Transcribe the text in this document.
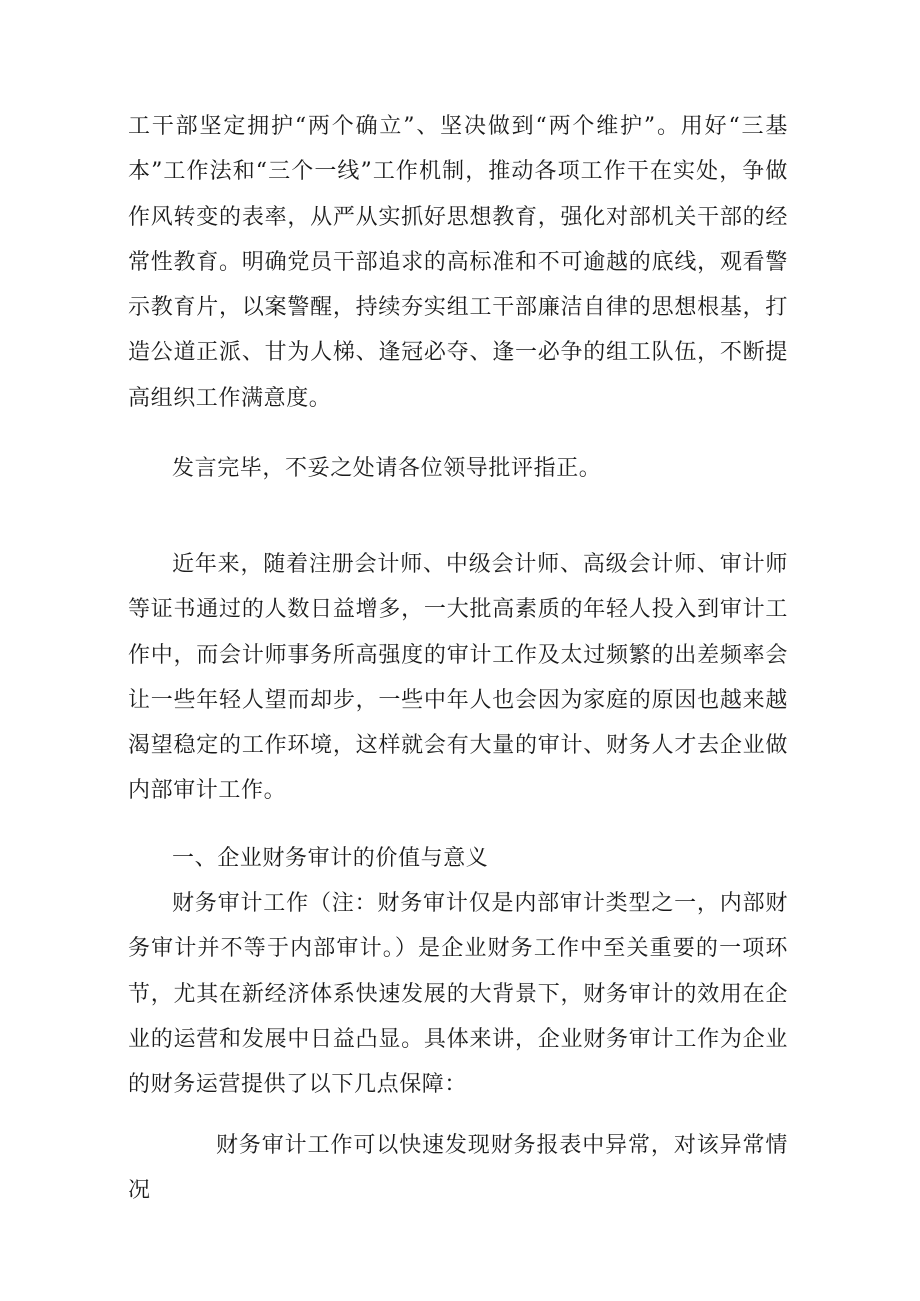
工干部坚定拥护“两个确立”、坚决做到“两个维护”。用好“三基本”工作法和“三个一线”工作机制，推动各项工作干在实处，争做作风转变的表率，从严从实抓好思想教育，强化对部机关干部的经常性教育。明确党员干部追求的高标准和不可逾越的底线，观看警示教育片，以案警醒，持续夯实组工干部廉洁自律的思想根基，打造公道正派、甘为人梯、逢冠必夺、逢一必争的组工队伍，不断提高组织工作满意度。

发言完毕，不妥之处请各位领导批评指正。

近年来，随着注册会计师、中级会计师、高级会计师、审计师等证书通过的人数日益增多，一大批高素质的年轻人投入到审计工作中，而会计师事务所高强度的审计工作及太过频繁的出差频率会让一些年轻人望而却步，一些中年人也会因为家庭的原因也越来越渴望稳定的工作环境，这样就会有大量的审计、财务人才去企业做内部审计工作。

一、企业财务审计的价值与意义

财务审计工作（注：财务审计仅是内部审计类型之一，内部财务审计并不等于内部审计。）是企业财务工作中至关重要的一项环节，尤其在新经济体系快速发展的大背景下，财务审计的效用在企业的运营和发展中日益凸显。具体来讲，企业财务审计工作为企业的财务运营提供了以下几点保障：

财务审计工作可以快速发现财务报表中异常，对该异常情况
